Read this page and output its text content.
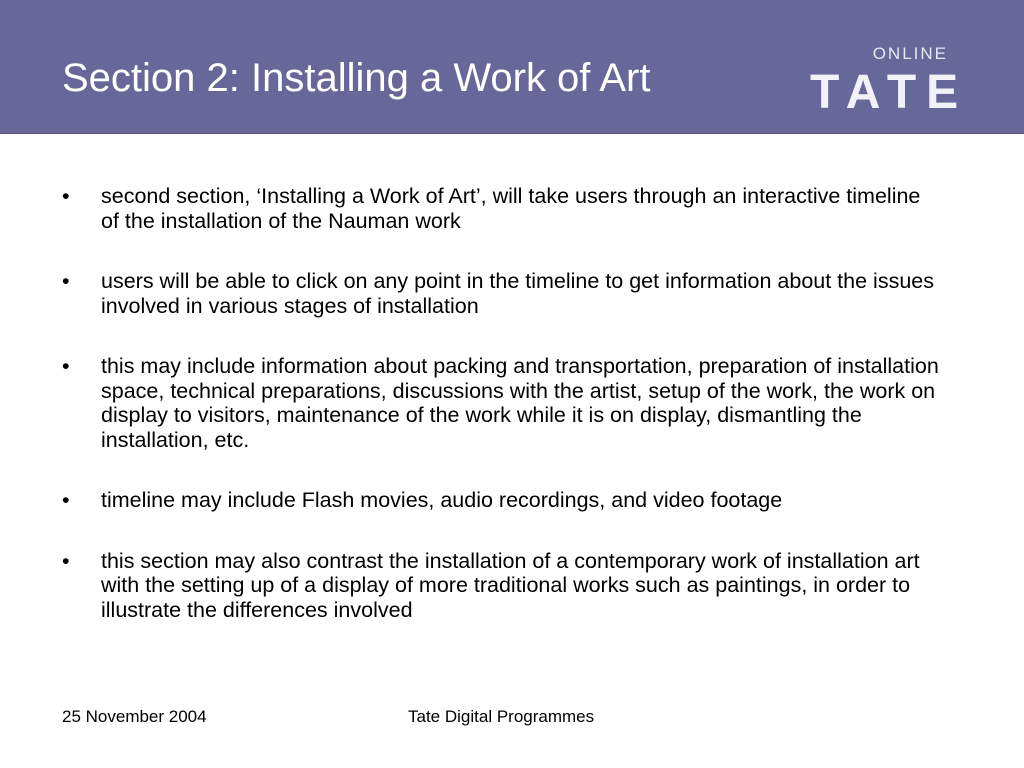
Section 2: Installing a Work of Art
ONLINE
TATE
• second section, ‘Installing a Work of Art’, will take users through an interactive timeline of the installation of the Nauman work
• users will be able to click on any point in the timeline to get information about the issues involved in various stages of installation
• this may include information about packing and transportation, preparation of installation space, technical preparations, discussions with the artist, setup of the work, the work on display to visitors, maintenance of the work while it is on display, dismantling the installation, etc.
• timeline may include Flash movies, audio recordings, and video footage
• this section may also contrast the installation of a contemporary work of installation art with the setting up of a display of more traditional works such as paintings, in order to illustrate the differences involved
25 November 2004	Tate Digital Programmes
